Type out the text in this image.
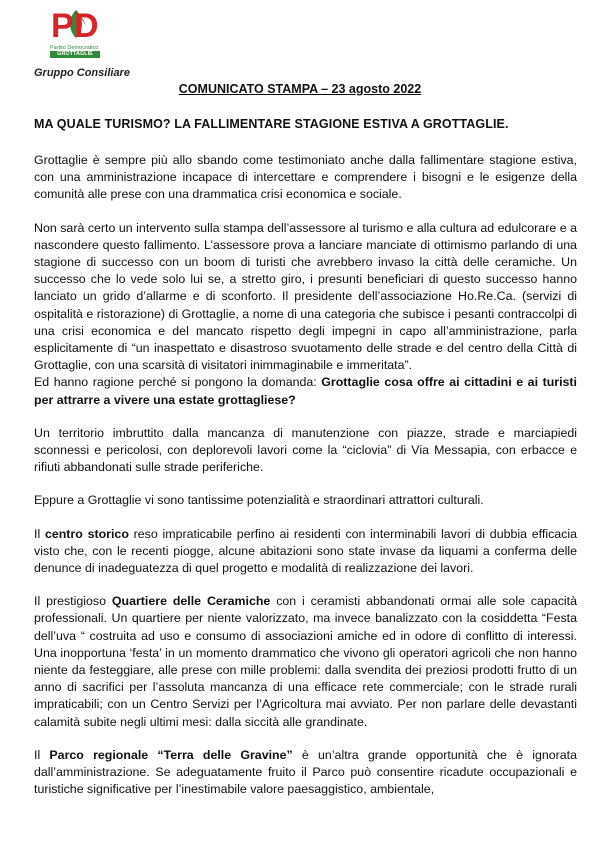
P D
Partito Democratico
GROTTAGLIE
Gruppo Consiliare
COMUNICATO STAMPA – 23 agosto 2022
MA QUALE TURISMO? LA FALLIMENTARE STAGIONE ESTIVA A GROTTAGLIE.

Grottaglie è sempre più allo sbando come testimoniato anche dalla fallimentare stagione estiva, con una amministrazione incapace di intercettare e comprendere i bisogni e le esigenze della comunità alle prese con una drammatica crisi economica e sociale.

Non sarà certo un intervento sulla stampa dell’assessore al turismo e alla cultura ad edulcorare e a nascondere questo fallimento. L’assessore prova a lanciare manciate di ottimismo parlando di una stagione di successo con un boom di turisti che avrebbero invaso la città delle ceramiche. Un successo che lo vede solo lui se, a stretto giro, i presunti beneficiari di questo successo hanno lanciato un grido d’allarme e di sconforto. Il presidente dell’associazione Ho.Re.Ca. (servizi di ospitalità e ristorazione) di Grottaglie, a nome di una categoria che subisce i pesanti contraccolpi di una crisi economica e del mancato rispetto degli impegni in capo all’amministrazione, parla esplicitamente di “un inaspettato e disastroso svuotamento delle strade e del centro della Città di Grottaglie, con una scarsità di visitatori inimmaginabile e immeritata”.

Ed hanno ragione perché si pongono la domanda: Grottaglie cosa offre ai cittadini e ai turisti per attrarre a vivere una estate grottagliese?

Un territorio imbruttito dalla mancanza di manutenzione con piazze, strade e marciapiedi sconnessi e pericolosi, con deplorevoli lavori come la “ciclovia” di Via Messapia, con erbacce e rifiuti abbandonati sulle strade periferiche.

Eppure a Grottaglie vi sono tantissime potenzialità e straordinari attrattori culturali.

Il centro storico reso impraticabile perfino ai residenti con interminabili lavori di dubbia efficacia visto che, con le recenti piogge, alcune abitazioni sono state invase da liquami a conferma delle denunce di inadeguatezza di quel progetto e modalità di realizzazione dei lavori.

Il prestigioso Quartiere delle Ceramiche con i ceramisti abbandonati ormai alle sole capacità professionali. Un quartiere per niente valorizzato, ma invece banalizzato con la cosiddetta “Festa dell’uva “ costruita ad uso e consumo di associazioni amiche ed in odore di conflitto di interessi. Una inopportuna ‘festa’ in un momento drammatico che vivono gli operatori agricoli che non hanno niente da festeggiare, alle prese con mille problemi: dalla svendita dei preziosi prodotti frutto di un anno di sacrifici per l’assoluta mancanza di una efficace rete commerciale; con le strade rurali impraticabili; con un Centro Servizi per l’Agricoltura mai avviato. Per non parlare delle devastanti calamità subite negli ultimi mesi: dalla siccità alle grandinate.

Il Parco regionale “Terra delle Gravine” è un’altra grande opportunità che è ignorata dall’amministrazione. Se adeguatamente fruito il Parco può consentire ricadute occupazionali e turistiche significative per l’inestimabile valore paesaggistico, ambientale,
